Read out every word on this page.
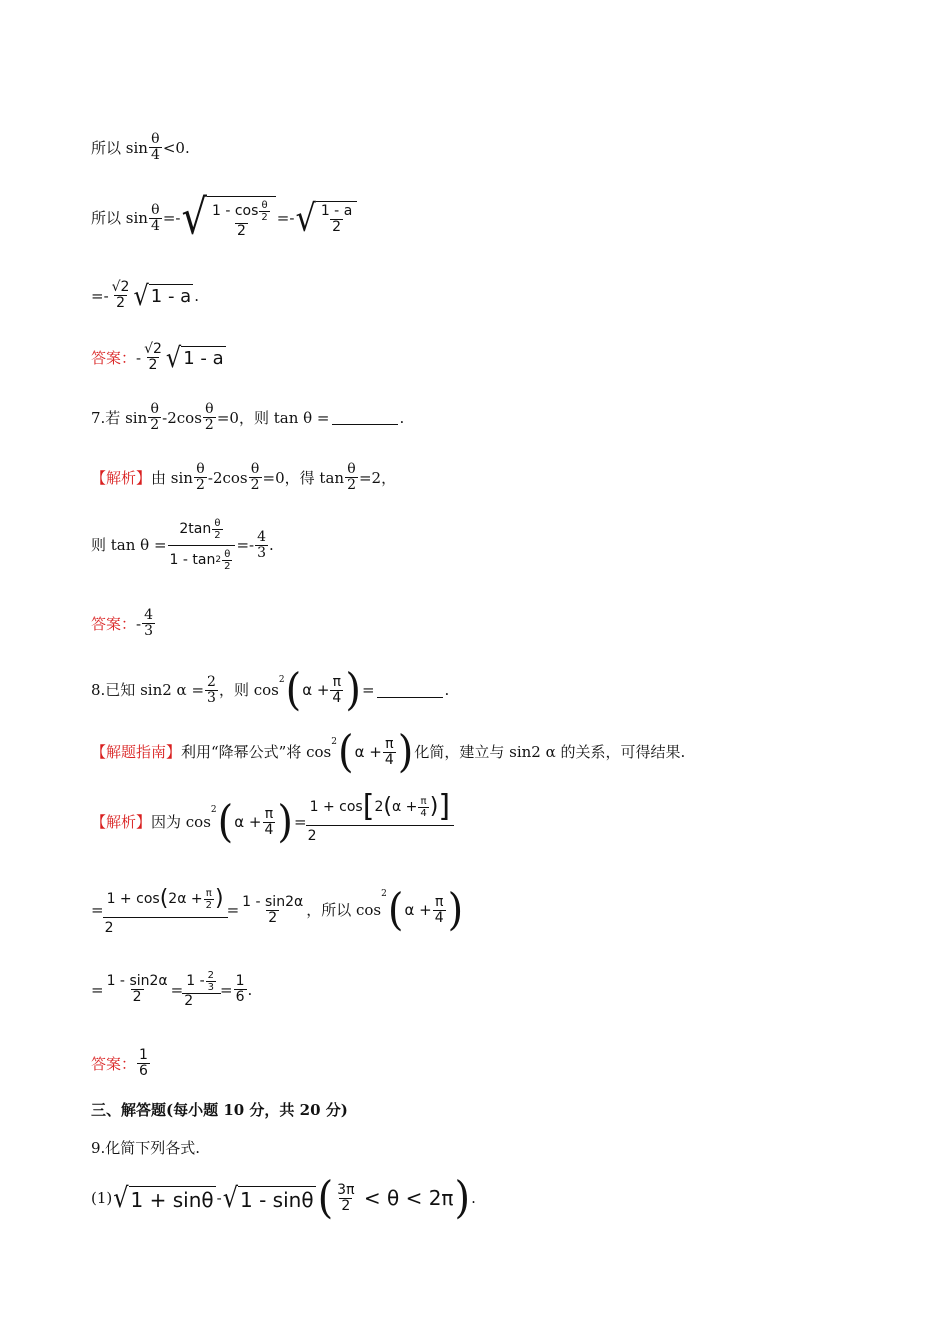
所以 $\sin \frac{\theta}{4} <0$.
所以 $\sin \frac{\theta}{4}$ =- √ $\frac{1 - \cos \frac{\theta}{2}}{2}$ =- √ $\frac{1 - a}{2}$
=- $\frac{√2}{2}$ √ 1 - a .
答案： - $\frac{√2}{2}$ √ 1 - a
7.若 $\sin \frac{\theta}{2} -2\cos \frac{\theta}{2} =0$，则 tan θ =	.
【解析】 由 $\sin \frac{\theta}{2} -2\cos \frac{\theta}{2} =0$，得 $\tan \frac{\theta}{2} =2$，
则 $\tan \theta = \frac{2\tan \frac{\theta}{2}}{1 - \tan 2 \frac{\theta}{2}} =- \frac{4}{3}$ .
答案： - $\frac{4}{3}$
8.已知 sin2 $\alpha = \frac{2}{3}$ ，则 cos
$^2$ ( $\alpha + \frac{\pi}{4}$ ) =	.
【解题指南】 利用“降幂公式”将 cos
$^2$ ( $\alpha + \frac{\pi}{4}$ ) 化简，建立与 sin2 α 的关系，可得结果.
【解析】 因为 cos
$^2$ ( $\alpha + \frac{\pi}{4}$ ) =
1 + cos [ 2 ( $\alpha + \frac{\pi}{4}$ ) ]
2
= $\frac{1 + \cos ( 2\alpha + \frac{\pi}{2} )}{2} = \frac{1 - \sin 2\alpha}{2}$ ，所以 cos
$^2$ ( $\alpha + \frac{\pi}{4}$ )
= $\frac{1 - \sin 2\alpha}{2} = \frac{1 - \frac{2}{3}}{2} = \frac{1}{6}$ .
答案： $\frac{1}{6}$
三、解答题(每小题 10 分，共 20 分)
9.化简下列各式.
(1) √ 1 + sinθ - √ 1 - sinθ ( $\frac{3\pi}{2} < \theta < 2\pi$ ) .
